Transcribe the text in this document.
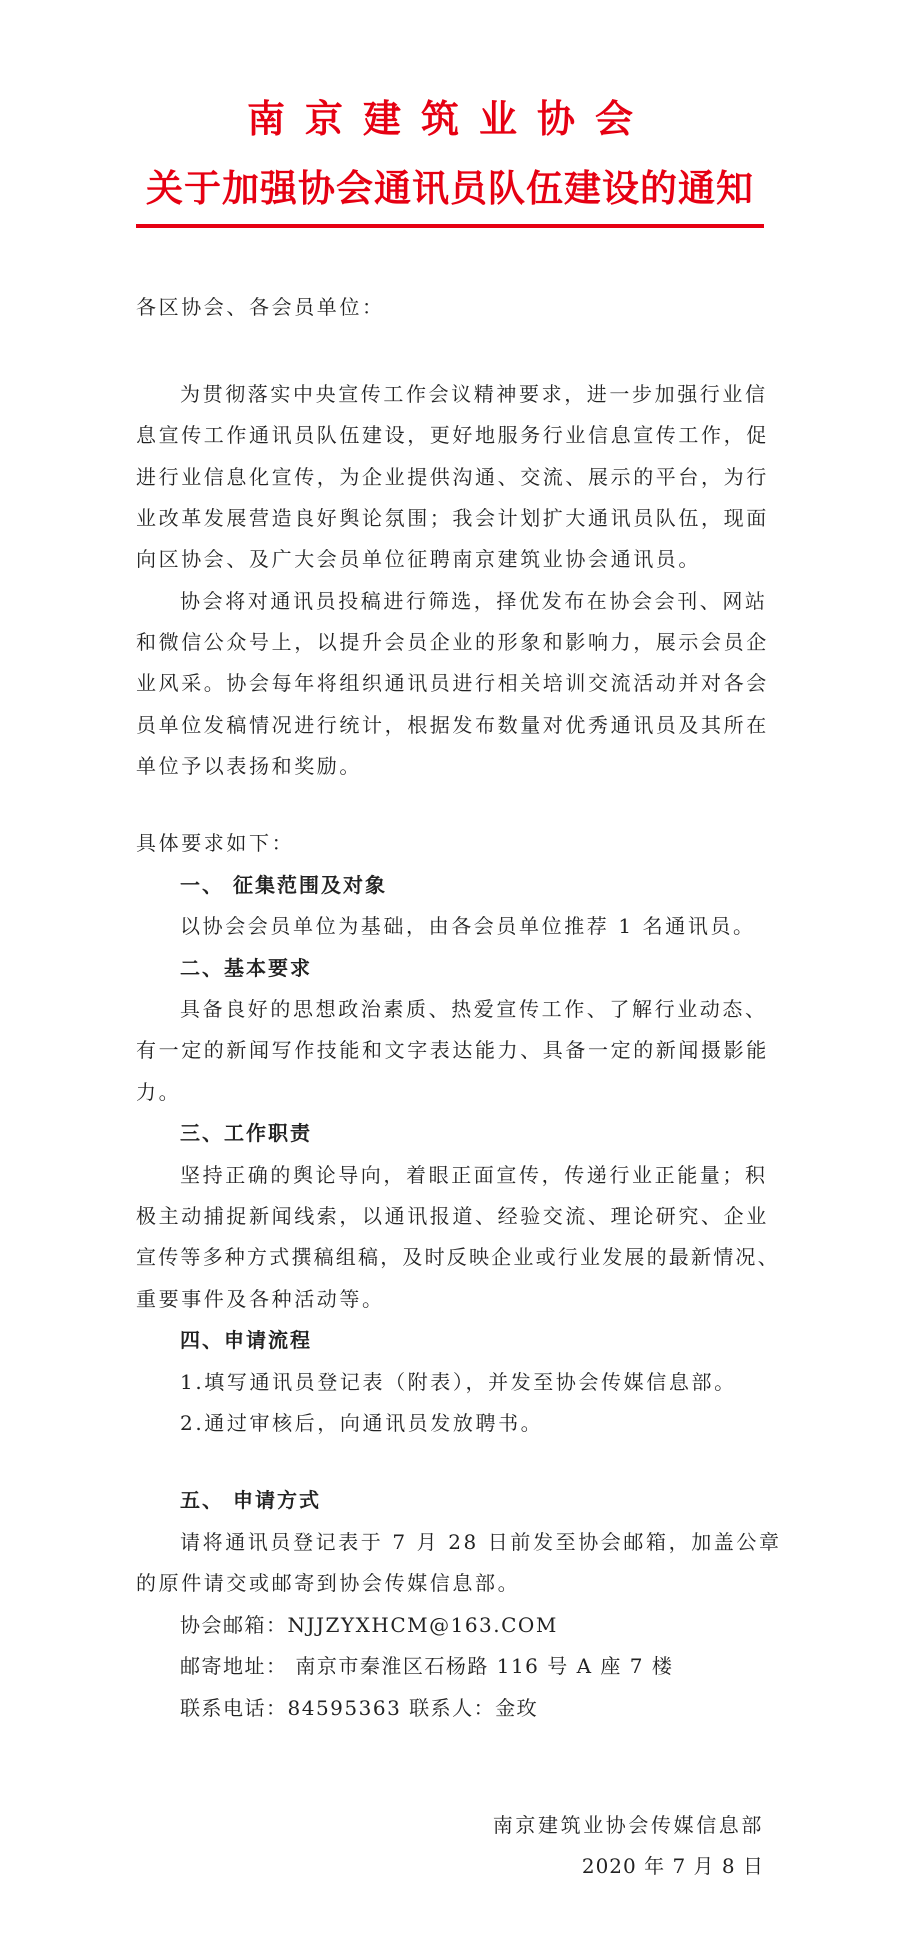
南京建筑业协会
关于加强协会通讯员队伍建设的通知
各区协会、各会员单位：
为贯彻落实中央宣传工作会议精神要求，进一步加强行业信
息宣传工作通讯员队伍建设，更好地服务行业信息宣传工作，促
进行业信息化宣传，为企业提供沟通、交流、展示的平台，为行
业改革发展营造良好舆论氛围；我会计划扩大通讯员队伍，现面
向区协会、及广大会员单位征聘南京建筑业协会通讯员。
协会将对通讯员投稿进行筛选，择优发布在协会会刊、网站
和微信公众号上，以提升会员企业的形象和影响力，展示会员企
业风采。协会每年将组织通讯员进行相关培训交流活动并对各会
员单位发稿情况进行统计，根据发布数量对优秀通讯员及其所在
单位予以表扬和奖励。
具体要求如下：
一、 征集范围及对象
以协会会员单位为基础，由各会员单位推荐 1 名通讯员。
二、基本要求
具备良好的思想政治素质、热爱宣传工作、了解行业动态、
有一定的新闻写作技能和文字表达能力、具备一定的新闻摄影能
力。
三、工作职责
坚持正确的舆论导向，着眼正面宣传，传递行业正能量；积
极主动捕捉新闻线索，以通讯报道、经验交流、理论研究、企业
宣传等多种方式撰稿组稿，及时反映企业或行业发展的最新情况、
重要事件及各种活动等。
四、申请流程
1.填写通讯员登记表（附表），并发至协会传媒信息部。
2.通过审核后，向通讯员发放聘书。
五、 申请方式
请将通讯员登记表于 7 月 28 日前发至协会邮箱，加盖公章
的原件请交或邮寄到协会传媒信息部。
协会邮箱：NJJZYXHCM@163.COM
邮寄地址： 南京市秦淮区石杨路 116 号 A 座 7 楼
联系电话：84595363 联系人：金玫
南京建筑业协会传媒信息部
2020 年 7 月 8 日
